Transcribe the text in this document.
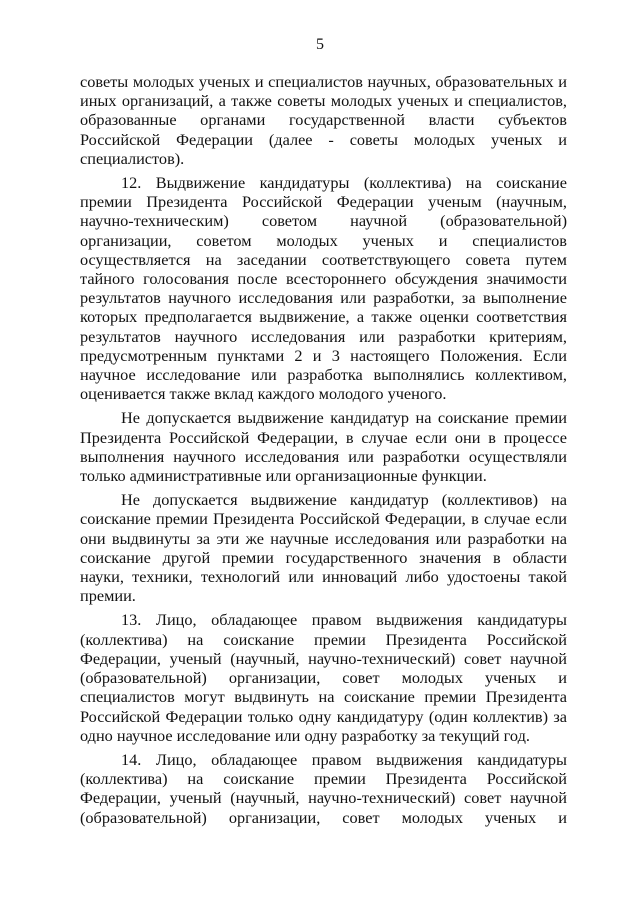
5

советы молодых ученых и специалистов научных, образовательных и иных организаций, а также советы молодых ученых и специалистов, образованные органами государственной власти субъектов Российской Федерации (далее - советы молодых ученых и специалистов).

12. Выдвижение кандидатуры (коллектива) на соискание премии Президента Российской Федерации ученым (научным, научно-техническим) советом научной (образовательной) организации, советом молодых ученых и специалистов осуществляется на заседании соответствующего совета путем тайного голосования после всестороннего обсуждения значимости результатов научного исследования или разработки, за выполнение которых предполагается выдвижение, а также оценки соответствия результатов научного исследования или разработки критериям, предусмотренным пунктами 2 и 3 настоящего Положения. Если научное исследование или разработка выполнялись коллективом, оценивается также вклад каждого молодого ученого.

Не допускается выдвижение кандидатур на соискание премии Президента Российской Федерации, в случае если они в процессе выполнения научного исследования или разработки осуществляли только административные или организационные функции.

Не допускается выдвижение кандидатур (коллективов) на соискание премии Президента Российской Федерации, в случае если они выдвинуты за эти же научные исследования или разработки на соискание другой премии государственного значения в области науки, техники, технологий или инноваций либо удостоены такой премии.

13. Лицо, обладающее правом выдвижения кандидатуры (коллектива) на соискание премии Президента Российской Федерации, ученый (научный, научно-технический) совет научной (образовательной) организации, совет молодых ученых и специалистов могут выдвинуть на соискание премии Президента Российской Федерации только одну кандидатуру (один коллектив) за одно научное исследование или одну разработку за текущий год.

14. Лицо, обладающее правом выдвижения кандидатуры (коллектива) на соискание премии Президента Российской Федерации, ученый (научный, научно-технический) совет научной (образовательной) организации, совет молодых ученых и
